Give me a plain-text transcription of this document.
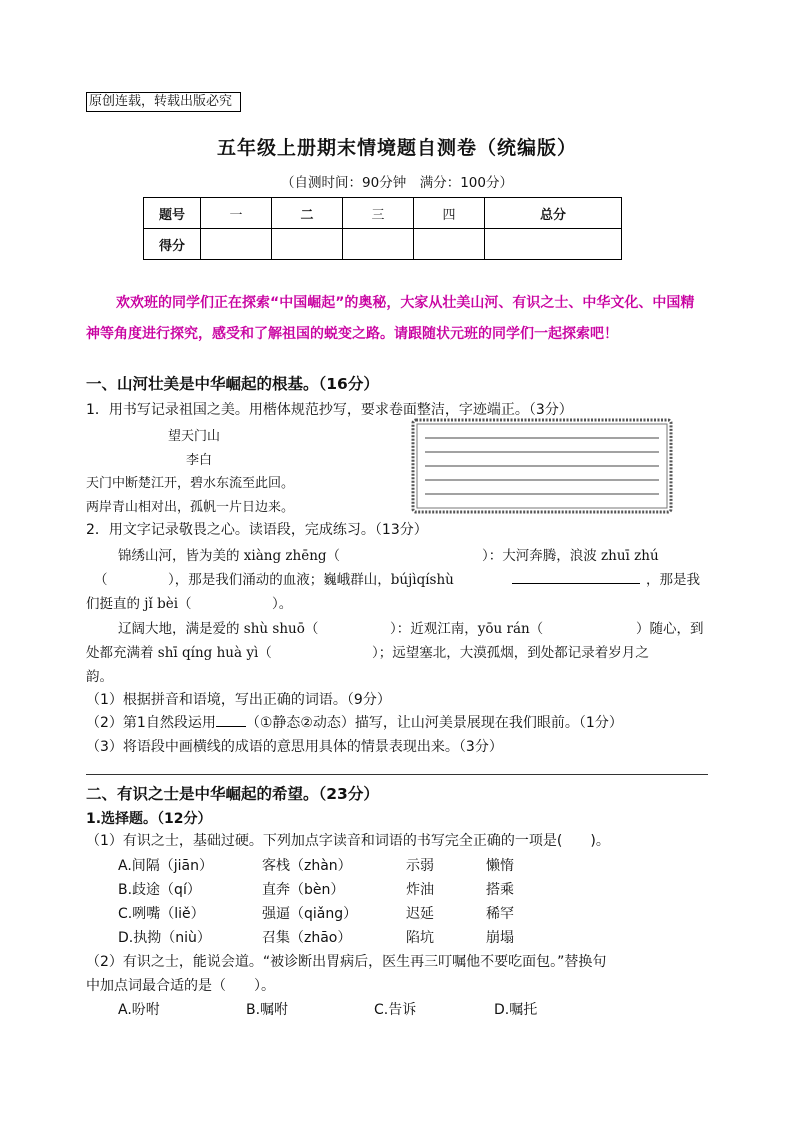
原创连载，转载出版必究
五年级上册期末情境题自测卷（统编版）
（自测时间：90分钟　满分：100分）
题号	一	二	三	四	总分
得分					
欢欢班的同学们正在探索“中国崛起”的奥秘，大家从壮美山河、有识之士、中华文化、中国精神等角度进行探究，感受和了解祖国的蜕变之路。请跟随状元班的同学们一起探索吧！
一、山河壮美是中华崛起的根基。（16分）
1．用书写记录祖国之美。用楷体规范抄写，要求卷面整洁，字迹端正。（3分）
望天门山
李白
天门中断楚江开，碧水东流至此回。
两岸青山相对出，孤帆一片日边来。
2．用文字记录敬畏之心。读语段，完成练习。（13分）
锦绣山河，皆为美的 xiàng zhēng（	）：大河奔腾，浪波 zhuī zhú
（	），那是我们涌动的血液；巍峨群山，bújìqíshù	，那是我
们挺直的 jǐ bèi（	）。
辽阔大地，满是爱的 shù shuō（	）：近观江南，yōu rán（	）随心，到
处都充满着 shī qíng huà yì（	）；远望塞北，大漠孤烟，到处都记录着岁月之
韵。
（1）根据拼音和语境，写出正确的词语。（9分）
（2）第1自然段运用 （①静态②动态）描写，让山河美景展现在我们眼前。（1分）
（3）将语段中画横线的成语的意思用具体的情景表现出来。（3分）
二、有识之士是中华崛起的希望。（23分）
1.选择题。（12分）
（1）有识之士，基础过硬。下列加点字读音和词语的书写完全正确的一项是(　　)。
A.间隔（jiān）	客栈（zhàn）	示弱	懒惰
B.歧途（qí）	直奔（bèn）	炸油	搭乘
C.咧嘴（liě）	强逼（qiǎng）	迟延	稀罕
D.执拗（niù）	召集（zhāo）	陷坑	崩塌
（2）有识之士，能说会道。“被诊断出胃病后，医生再三叮嘱他不要吃面包。”替换句
中加点词最合适的是（　　）。
A.吩咐	B.嘱咐	C.告诉	D.嘱托
